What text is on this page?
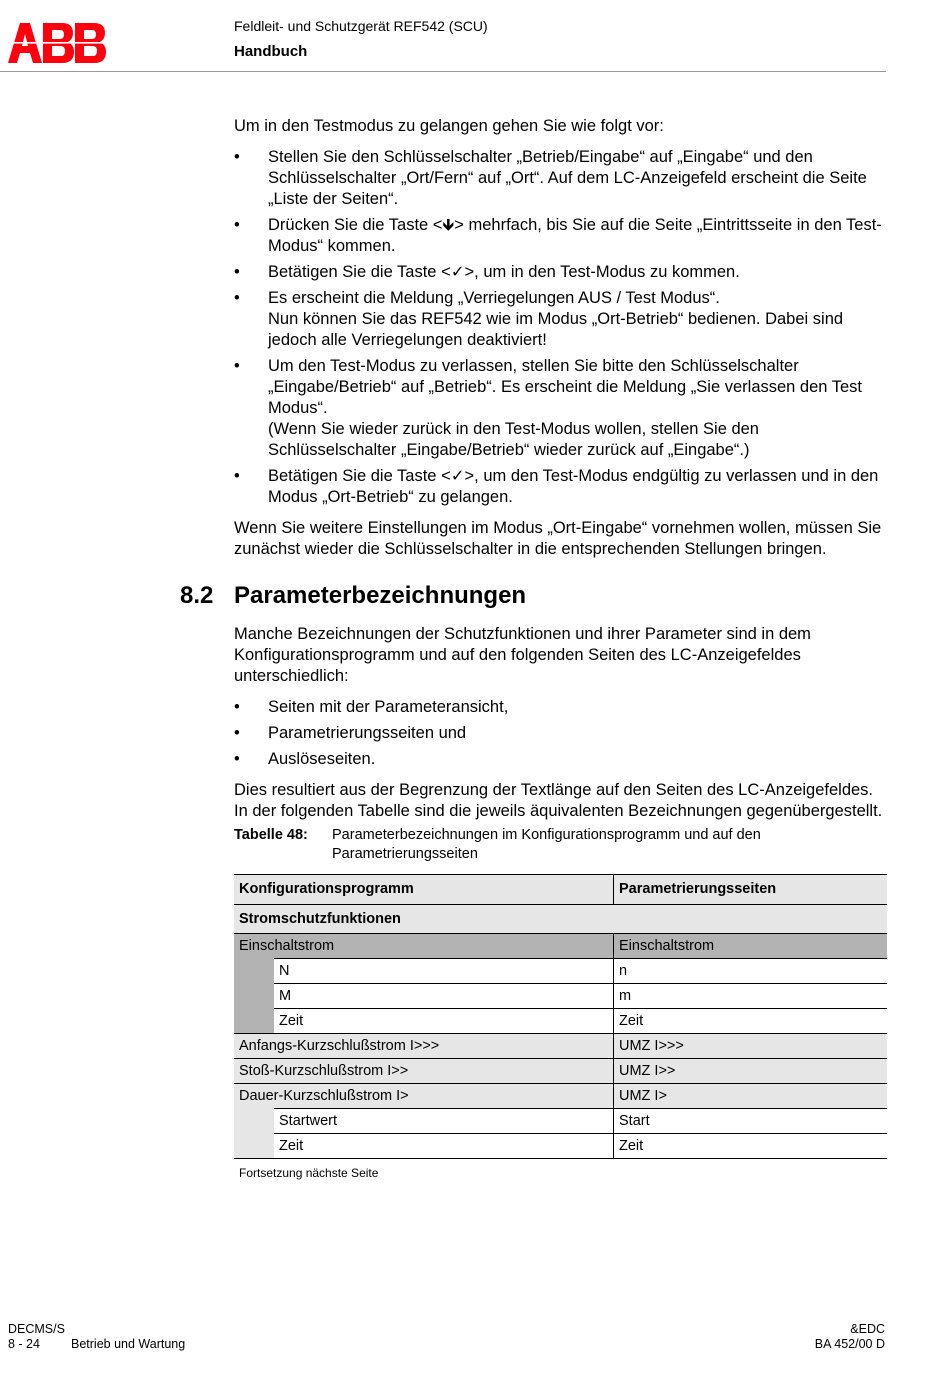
Feldleit- und Schutzgerät REF542 (SCU)
Handbuch

Um in den Testmodus zu gelangen gehen Sie wie folgt vor:

• Stellen Sie den Schlüsselschalter „Betrieb/Eingabe“ auf „Eingabe“ und den Schlüsselschalter „Ort/Fern“ auf „Ort“. Auf dem LC-Anzeigefeld erscheint die Seite „Liste der Seiten“.
• Drücken Sie die Taste <🡻> mehrfach, bis Sie auf die Seite „Eintrittsseite in den Test-Modus“ kommen.
• Betätigen Sie die Taste <✓>, um in den Test-Modus zu kommen.
• Es erscheint die Meldung „Verriegelungen AUS / Test Modus“.
Nun können Sie das REF542 wie im Modus „Ort-Betrieb“ bedienen. Dabei sind jedoch alle Verriegelungen deaktiviert!
• Um den Test-Modus zu verlassen, stellen Sie bitte den Schlüsselschalter „Eingabe/Betrieb“ auf „Betrieb“. Es erscheint die Meldung „Sie verlassen den Test Modus“.
(Wenn Sie wieder zurück in den Test-Modus wollen, stellen Sie den Schlüsselschalter „Eingabe/Betrieb“ wieder zurück auf „Eingabe“.)
• Betätigen Sie die Taste <✓>, um den Test-Modus endgültig zu verlassen und in den Modus „Ort-Betrieb“ zu gelangen.

Wenn Sie weitere Einstellungen im Modus „Ort-Eingabe“ vornehmen wollen, müssen Sie zunächst wieder die Schlüsselschalter in die entsprechenden Stellungen bringen.

8.2 Parameterbezeichnungen

Manche Bezeichnungen der Schutzfunktionen und ihrer Parameter sind in dem Konfigurationsprogramm und auf den folgenden Seiten des LC-Anzeigefeldes unterschiedlich:

• Seiten mit der Parameteransicht,
• Parametrierungsseiten und
• Auslöseseiten.

Dies resultiert aus der Begrenzung der Textlänge auf den Seiten des LC-Anzeigefeldes. In der folgenden Tabelle sind die jeweils äquivalenten Bezeichnungen gegenübergestellt.

Tabelle 48:	Parameterbezeichnungen im Konfigurationsprogramm und auf den Parametrierungsseiten
Konfigurationsprogramm		Parametrierungsseiten
Stromschutzfunktionen		
Einschaltstrom		Einschaltstrom
	N	n
	M	m
	Zeit	Zeit
Anfangs-Kurzschlußstrom I>>>		UMZ I>>>
Stoß-Kurzschlußstrom I>>		UMZ I>>
Dauer-Kurzschlußstrom I>		UMZ I>
	Startwert	Start
	Zeit	Zeit
Fortsetzung nächste Seite
DECMS/S
8 - 24 Betrieb und Wartung
&EDC
BA 452/00 D
